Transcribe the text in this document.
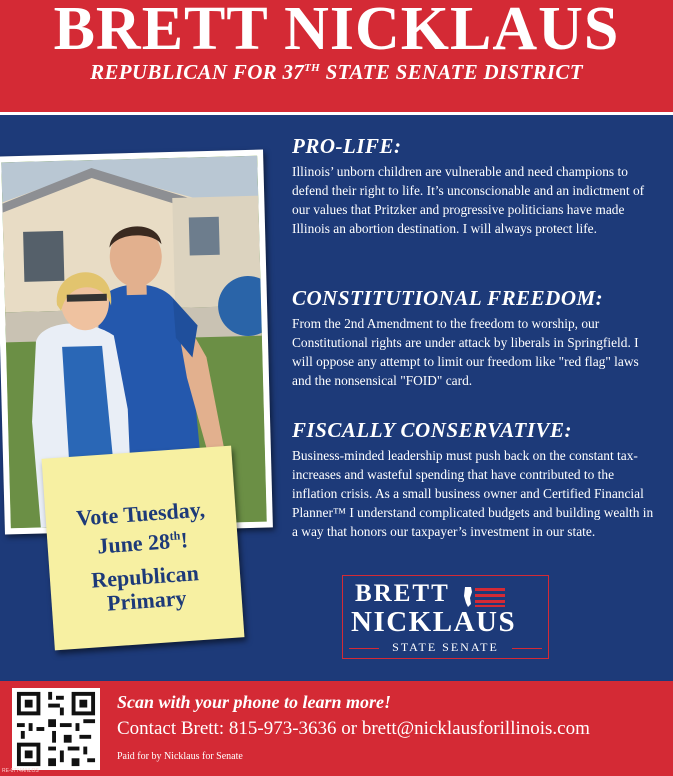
BRETT NICKLAUS
REPUBLICAN FOR 37TH STATE SENATE DISTRICT
Vote Tuesday,
June 28th!
Republican
Primary

PRO-LIFE:

Illinois’ unborn children are vulnerable and need champions to defend their right to life. It’s unconscionable and an indictment of our values that Pritzker and progressive politicians have made Illinois an abortion destination. I will always protect life.

CONSTITUTIONAL FREEDOM:

From the 2nd Amendment to the freedom to worship, our Constitutional rights are under attack by liberals in Springfield. I will oppose any attempt to limit our freedom like "red flag" laws and the nonsensical "FOID" card.

FISCALLY CONSERVATIVE:

Business-minded leadership must push back on the constant tax-increases and wasteful spending that have contributed to the inflation crisis. As a small business owner and Certified Financial Planner™ I understand complicated budgets and building wealth in a way that honors our taxpayer’s investment in our state.

BRETT
NICKLAUS
STATE SENATE
Scan with your phone to learn more!
Contact Brett: 815-973-3636 or brett@nicklausforillinois.com
Paid for by Nicklaus for Senate
RE-0774ANLOS
